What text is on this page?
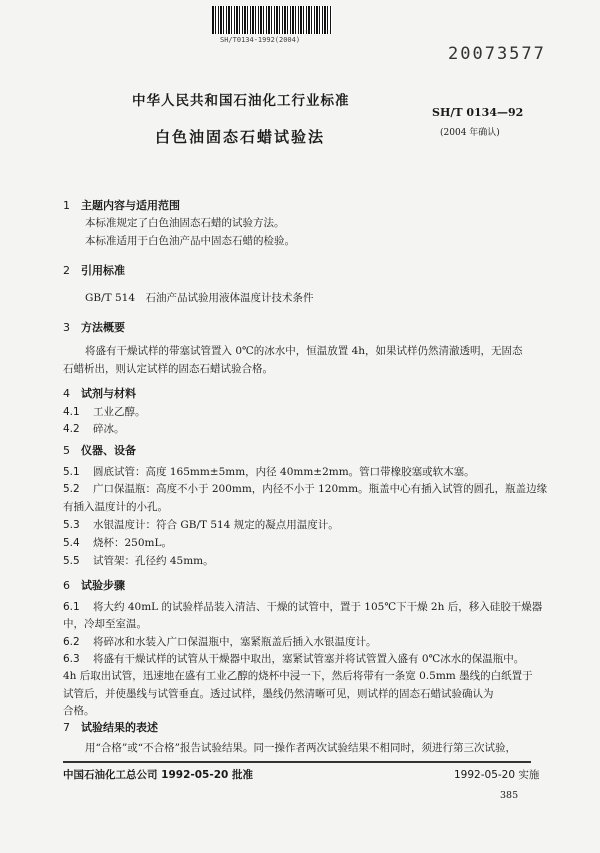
SH/T0134-1992(2004)
20073577
中华人民共和国石油化工行业标准
SH/T 0134—92
(2004 年确认)
白色油固态石蜡试验法
1 主题内容与适用范围
本标准规定了白色油固态石蜡的试验方法。
本标准适用于白色油产品中固态石蜡的检验。
2 引用标准
GB/T 514　石油产品试验用液体温度计技术条件
3 方法概要
将盛有干燥试样的带塞试管置入 0℃的冰水中，恒温放置 4h，如果试样仍然清澈透明，无固态
石蜡析出，则认定试样的固态石蜡试验合格。
4 试剂与材料
4.1 工业乙醇。
4.2 碎冰。
5 仪器、设备
5.1 圆底试管：高度 165mm±5mm，内径 40mm±2mm。管口带橡胶塞或软木塞。
5.2 广口保温瓶：高度不小于 200mm，内径不小于 120mm。瓶盖中心有插入试管的圆孔，瓶盖边缘
有插入温度计的小孔。
5.3 水银温度计：符合 GB/T 514 规定的凝点用温度计。
5.4 烧杯：250mL。
5.5 试管架：孔径约 45mm。
6 试验步骤
6.1 将大约 40mL 的试验样品装入清洁、干燥的试管中，置于 105℃下干燥 2h 后，移入硅胶干燥器
中，冷却至室温。
6.2 将碎冰和水装入广口保温瓶中，塞紧瓶盖后插入水银温度计。
6.3 将盛有干燥试样的试管从干燥器中取出，塞紧试管塞并将试管置入盛有 0℃冰水的保温瓶中。
4h 后取出试管，迅速地在盛有工业乙醇的烧杯中浸一下，然后将带有一条宽 0.5mm 墨线的白纸置于
试管后，并使墨线与试管垂直。透过试样，墨线仍然清晰可见，则试样的固态石蜡试验确认为
合格。
7 试验结果的表述
用“合格”或“不合格”报告试验结果。同一操作者两次试验结果不相同时，须进行第三次试验，
中国石油化工总公司 1992-05-20 批准	1992-05-20 实施
385
